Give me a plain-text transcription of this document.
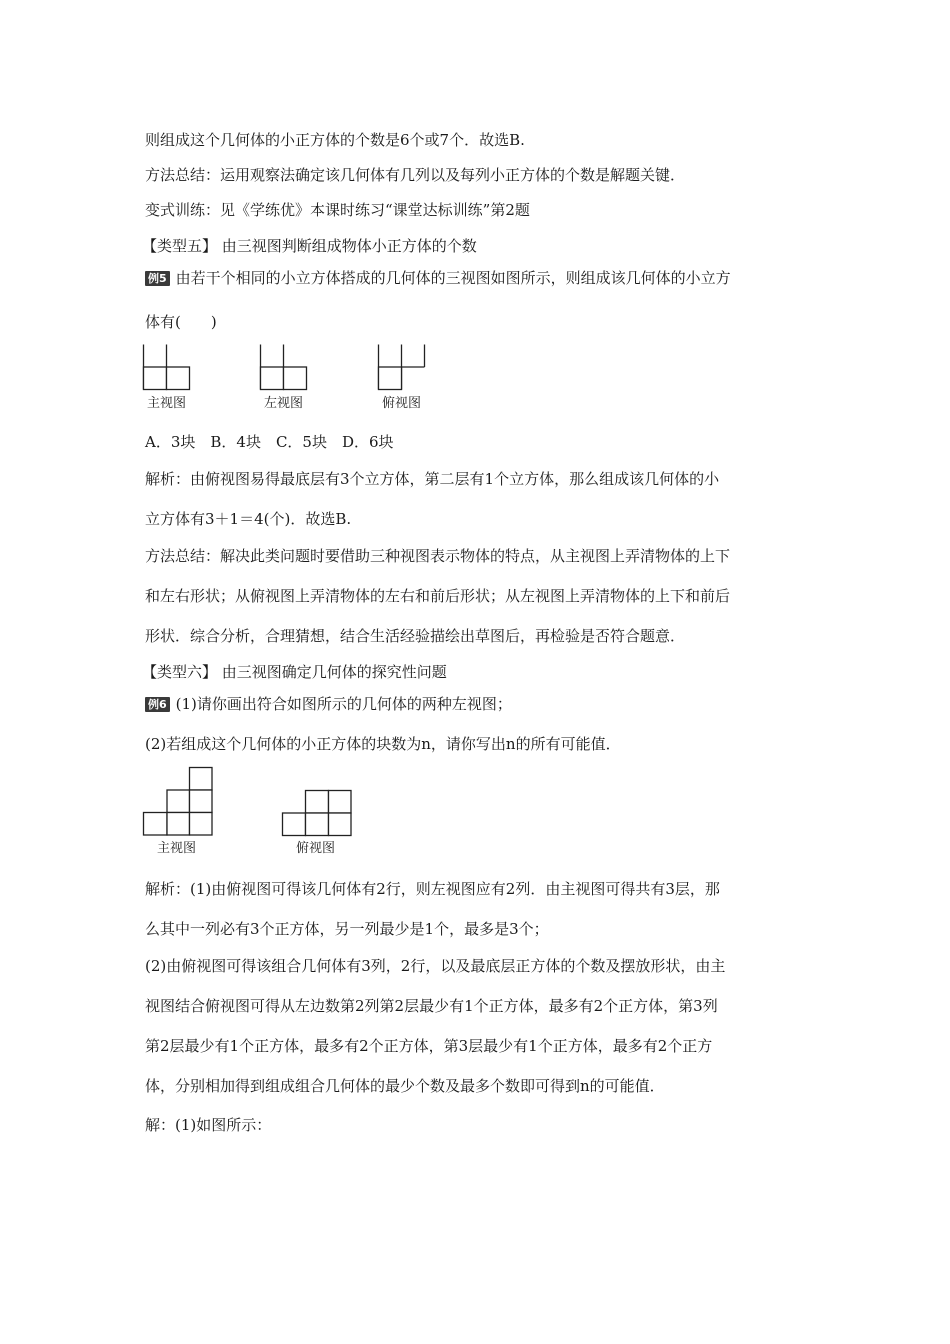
则组成这个几何体的小正方体的个数是6个或7个．故选B.

方法总结：运用观察法确定该几何体有几列以及每列小正方体的个数是解题关键．

变式训练：见《学练优》本课时练习“课堂达标训练”第2题

【类型五】 由三视图判断组成物体小正方体的个数

例5 由若干个相同的小立方体搭成的几何体的三视图如图所示，则组成该几何体的小立方

体有(　　)

主视图	左视图	俯视图

A．3块　B．4块　C．5块　D．6块

解析：由俯视图易得最底层有3个立方体，第二层有1个立方体，那么组成该几何体的小

立方体有3＋1＝4(个)．故选B.

方法总结：解决此类问题时要借助三种视图表示物体的特点，从主视图上弄清物体的上下

和左右形状；从俯视图上弄清物体的左右和前后形状；从左视图上弄清物体的上下和前后

形状．综合分析，合理猜想，结合生活经验描绘出草图后，再检验是否符合题意．

【类型六】 由三视图确定几何体的探究性问题

例6 (1)请你画出符合如图所示的几何体的两种左视图；

(2)若组成这个几何体的小正方体的块数为n，请你写出n的所有可能值．

主视图	俯视图

解析：(1)由俯视图可得该几何体有2行，则左视图应有2列．由主视图可得共有3层，那

么其中一列必有3个正方体，另一列最少是1个，最多是3个；

(2)由俯视图可得该组合几何体有3列，2行，以及最底层正方体的个数及摆放形状，由主

视图结合俯视图可得从左边数第2列第2层最少有1个正方体，最多有2个正方体，第3列

第2层最少有1个正方体，最多有2个正方体，第3层最少有1个正方体，最多有2个正方

体，分别相加得到组成组合几何体的最少个数及最多个数即可得到n的可能值．

解：(1)如图所示：
